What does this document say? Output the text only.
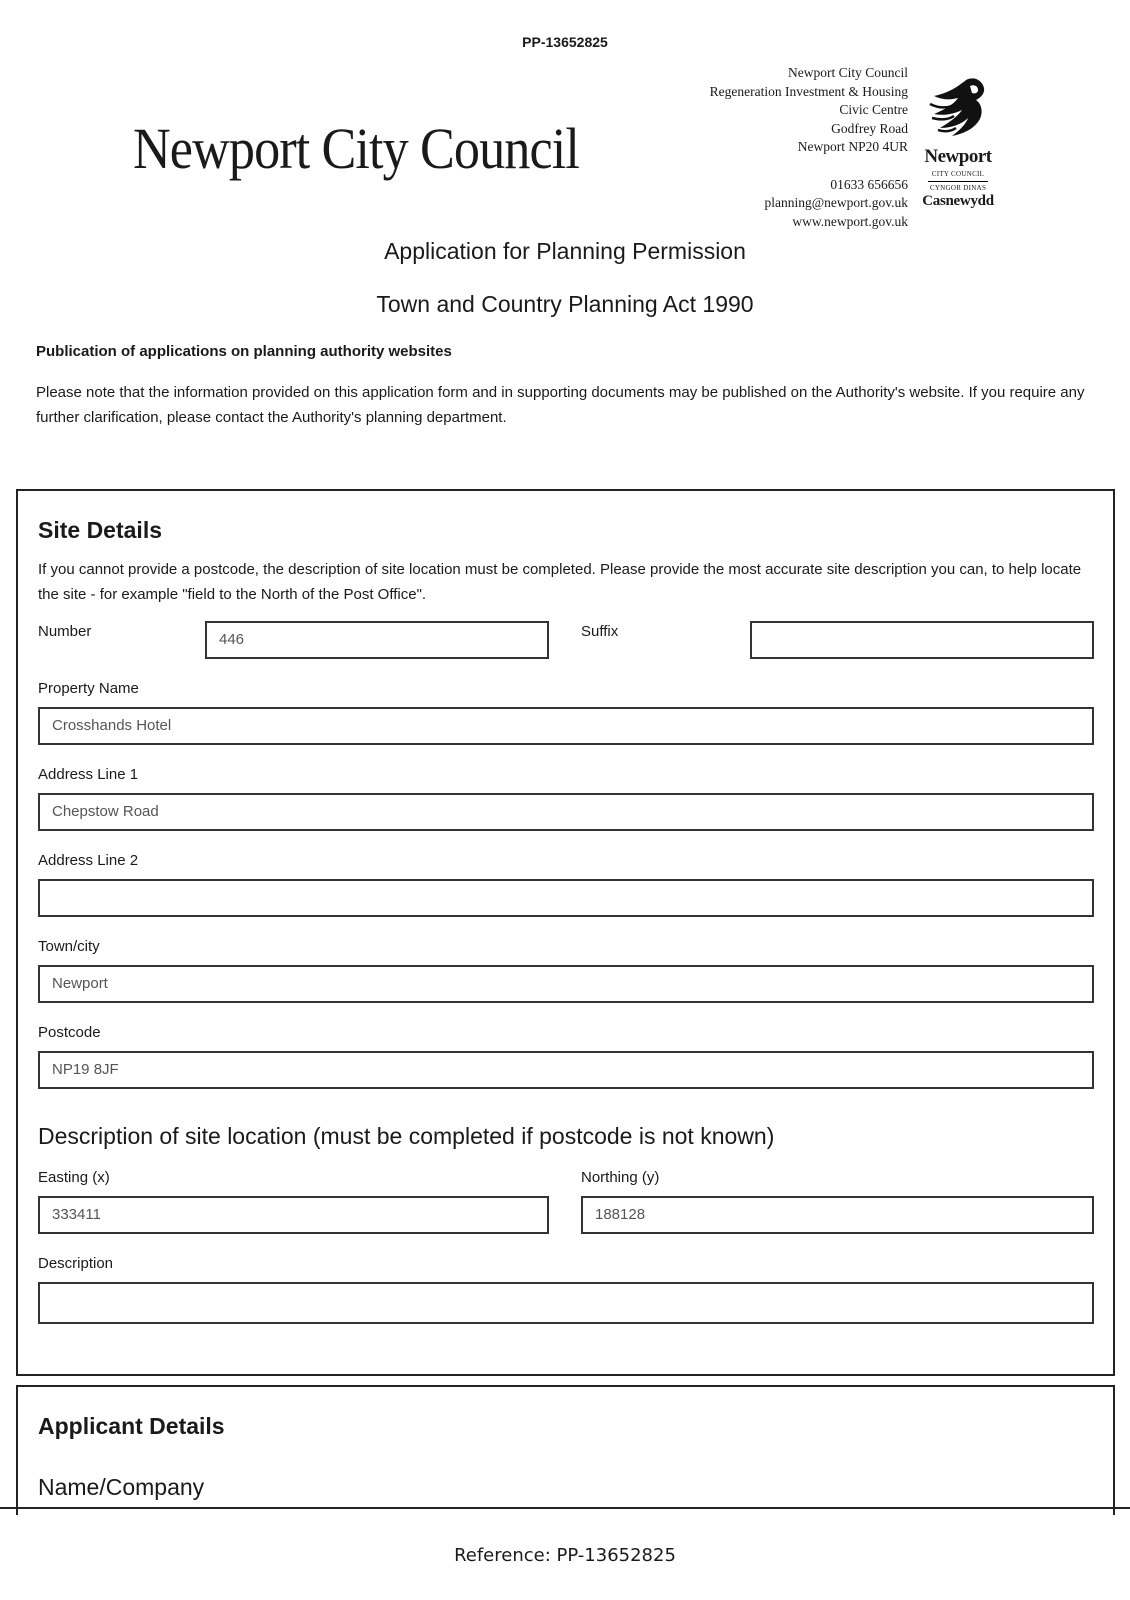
PP-13652825
Newport City Council
Newport City Council
Regeneration Investment & Housing
Civic Centre
Godfrey Road
Newport NP20 4UR
01633 656656
planning@newport.gov.uk
www.newport.gov.uk
Newport
CITY COUNCIL
CYNGOR DINAS
Casnewydd
Application for Planning Permission
Town and Country Planning Act 1990
Publication of applications on planning authority websites
Please note that the information provided on this application form and in supporting documents may be published on the Authority's website. If you require any further clarification, please contact the Authority's planning department.
Site Details
If you cannot provide a postcode, the description of site location must be completed. Please provide the most accurate site description you can, to help locate the site - for example "field to the North of the Post Office".
Number	446	Suffix
Property Name
Crosshands Hotel
Address Line 1
Chepstow Road
Address Line 2
Town/city
Newport
Postcode
NP19 8JF
Description of site location (must be completed if postcode is not known)
Easting (x)
333411
Northing (y)
188128
Description
Applicant Details
Name/Company
Reference: PP-13652825
